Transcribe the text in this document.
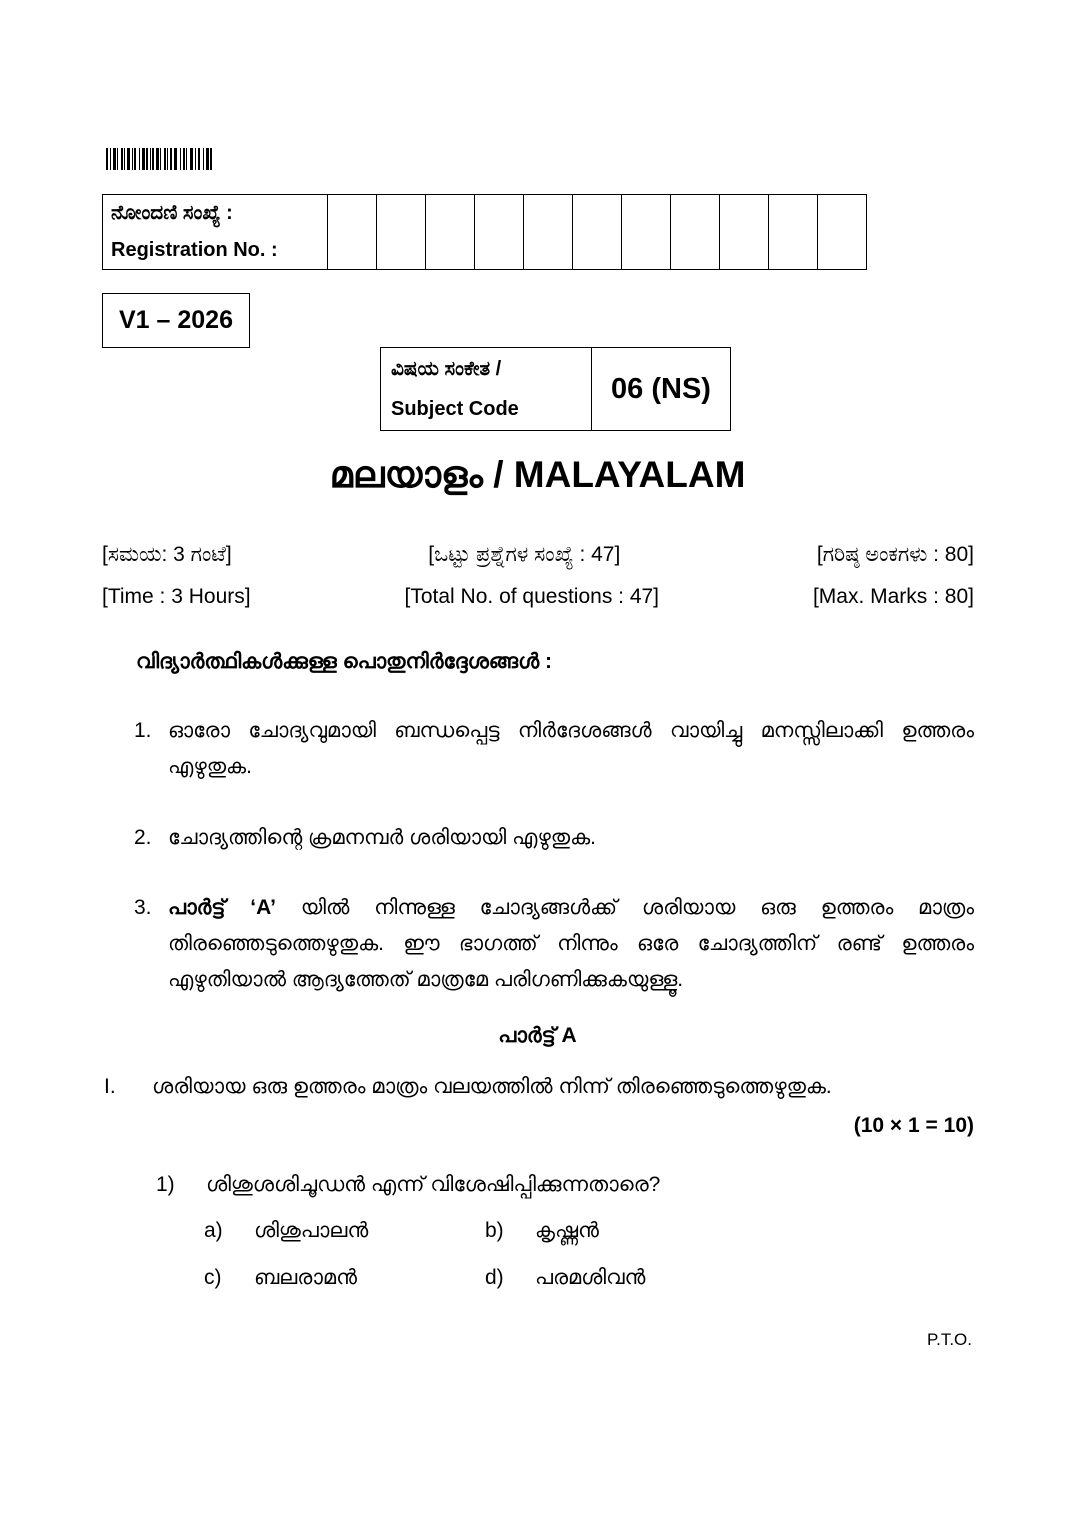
ನೋಂದಣಿ ಸಂಖ್ಯೆ :
Registration No. :

V1 – 2026
ವಿಷಯ ಸಂಕೇತ /
Subject Code
	06 (NS)
മലയാളം / MALAYALAM
[ಸಮಯ: 3 ಗಂಟೆ]	[ಒಟ್ಟು ಪ್ರಶ್ನೆಗಳ ಸಂಖ್ಯೆ : 47]	[ಗರಿಷ್ಠ ಅಂಕಗಳು : 80]
[Time : 3 Hours]	[Total No. of questions : 47]	[Max. Marks : 80]
വിദ്യാർത്ഥികൾക്കുള്ള പൊതുനിർദ്ദേശങ്ങൾ :
1. ഓരോ ചോദ്യവുമായി ബന്ധപ്പെട്ട നിർദേശങ്ങൾ വായിച്ചു മനസ്സിലാക്കി ഉത്തരം എഴുതുക.
2. ചോദ്യത്തിന്റെ ക്രമനമ്പർ ശരിയായി എഴുതുക.
3. പാർട്ട് ‘A’ യിൽ നിന്നുള്ള ചോദ്യങ്ങൾക്ക് ശരിയായ ഒരു ഉത്തരം മാത്രം തിരഞ്ഞെടുത്തെഴുതുക. ഈ ഭാഗത്ത് നിന്നും ഒരേ ചോദ്യത്തിന് രണ്ട് ഉത്തരം എഴുതിയാൽ ആദ്യത്തേത് മാത്രമേ പരിഗണിക്കുകയുള്ളൂ.
പാർട്ട് A
I.	ശരിയായ ഒരു ഉത്തരം മാത്രം വലയത്തിൽ നിന്ന് തിരഞ്ഞെടുത്തെഴുതുക.
(10 × 1 = 10)
1)	ശിശുശശിചൂഡൻ എന്ന് വിശേഷിപ്പിക്കുന്നതാരെ?
a)	ശിശുപാലൻ	b)	കൃഷ്ണൻ
c)	ബലരാമൻ	d)	പരമശിവൻ
P.T.O.
